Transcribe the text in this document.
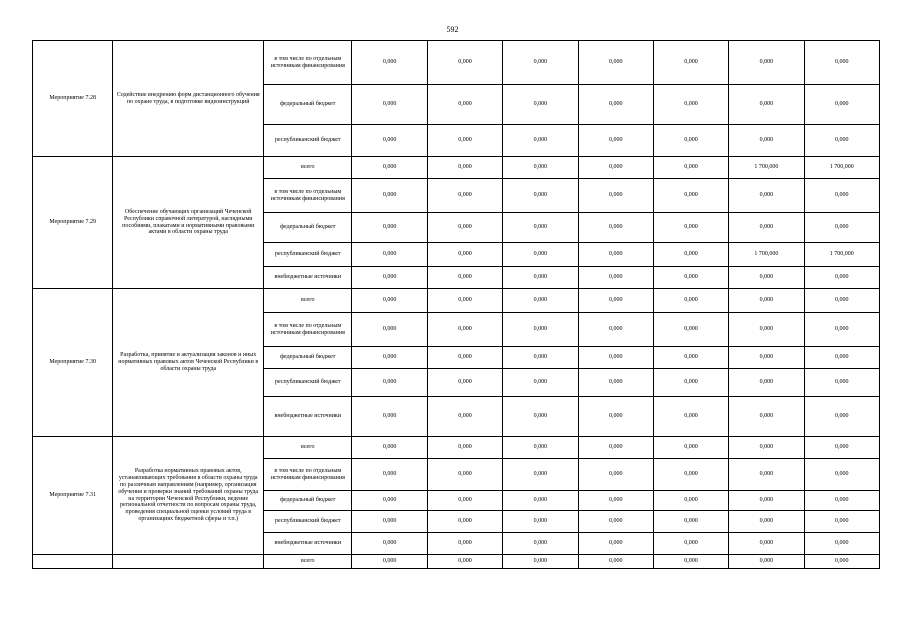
592
Мероприятие 7.28	Содействие внедрению форм дистанционного обучения по охране труда, в подготовке видеоинструкций	в том числе по отдельным источникам финансирования	0,000	0,000	0,000	0,000	0,000	0,000	0,000
		федеральный бюджет	0,000	0,000	0,000	0,000	0,000	0,000	0,000
		республиканский бюджет	0,000	0,000	0,000	0,000	0,000	0,000	0,000
Мероприятие 7.29	Обеспечение обучающих организаций Чеченской Республики справочной литературой, наглядными пособиями, плакатами и нормативными правовыми актами в области охраны труда	всего	0,000	0,000	0,000	0,000	0,000	1 700,000	1 700,000
		в том числе по отдельным источникам финансирования	0,000	0,000	0,000	0,000	0,000	0,000	0,000
		федеральный бюджет	0,000	0,000	0,000	0,000	0,000	0,000	0,000
		республиканский бюджет	0,000	0,000	0,000	0,000	0,000	1 700,000	1 700,000
		внебюджетные источники	0,000	0,000	0,000	0,000	0,000	0,000	0,000
Мероприятие 7.30	Разработка, принятие и актуализация законов и иных нормативных правовых актов Чеченской Республики в области охраны труда	всего	0,000	0,000	0,000	0,000	0,000	0,000	0,000
		в том числе по отдельным источникам финансирования	0,000	0,000	0,000	0,000	0,000	0,000	0,000
		федеральный бюджет	0,000	0,000	0,000	0,000	0,000	0,000	0,000
		республиканский бюджет	0,000	0,000	0,000	0,000	0,000	0,000	0,000
		внебюджетные источники	0,000	0,000	0,000	0,000	0,000	0,000	0,000
Мероприятие 7.31	Разработка нормативных правовых актов, устанавливающих требования в области охраны труда по различным направлениям (например, организация обучения и проверки знаний требований охраны труда на территории Чеченской Республики, ведение региональной отчетности по вопросам охраны труда, проведения специальной оценки условий труда в организациях бюджетной сферы и т.п.)	всего	0,000	0,000	0,000	0,000	0,000	0,000	0,000
		в том числе по отдельным источникам финансирования	0,000	0,000	0,000	0,000	0,000	0,000	0,000
		федеральный бюджет	0,000	0,000	0,000	0,000	0,000	0,000	0,000
		республиканский бюджет	0,000	0,000	0,000	0,000	0,000	0,000	0,000
		внебюджетные источники	0,000	0,000	0,000	0,000	0,000	0,000	0,000
		всего	0,000	0,000	0,000	0,000	0,000	0,000	0,000
